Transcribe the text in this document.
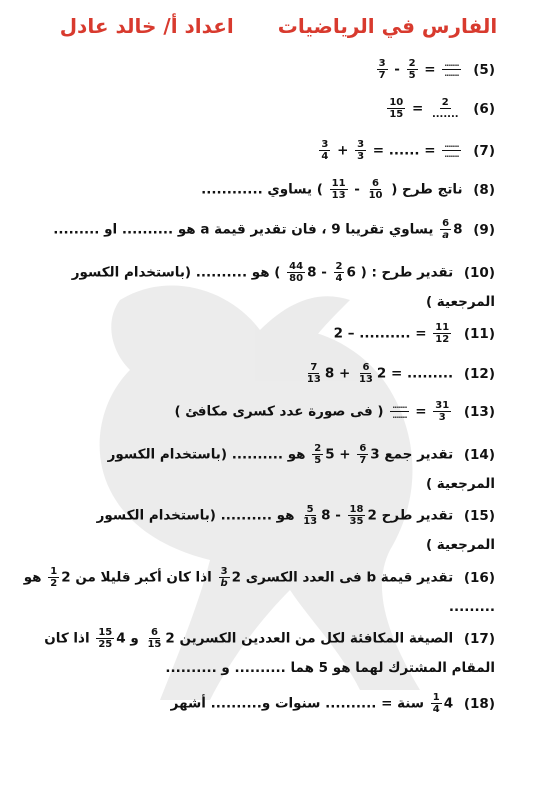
الفارس في الرياضياتاعداد أ/ خالد عادل
(5)
$\frac{.......}{.......}$
=
$\frac{2}{5}$
-
$\frac{3}{7}$
(6)
$\frac{2}{.......}$
=
$\frac{10}{15}$
(7)
$\frac{.......}{.......}$
= ...... =
$\frac{3}{3}$
+
$\frac{3}{4}$
(8) ناتج طرح (
$\frac{6}{10}$
-
$\frac{11}{13}$
) يساوي ............
(9) 8
$\frac{6}{a}$
يساوي تقريبا 9 ، فان تقدير قيمة a هو .......... او .........
(10) تقدير طرح : ( 6
$\frac{2}{4}$
- 8
$\frac{44}{80}$
) هو .......... (باستخدام الكسور
المرجعية )
(11)
$\frac{11}{12}$
= .......... – 2
(12) ......... = 2
$\frac{6}{13}$
+ 8
$\frac{7}{13}$
(13)
$\frac{31}{3}$
=
$\frac{.......}{.......}$
( فى صورة عدد كسرى مكافئ )
(14) تقدير جمع 3
$\frac{6}{7}$
+ 5
$\frac{2}{5}$
هو .......... (باستخدام الكسور
المرجعية )
(15) تقدير طرح 2
$\frac{18}{35}$
- 8
$\frac{5}{13}$
هو .......... (باستخدام الكسور
المرجعية )
(16) تقدير قيمة b فى العدد الكسرى 2
$\frac{3}{b}$
اذا كان أكبر قليلا من 2
$\frac{1}{2}$
هو
.........
(17) الصيغة المكافئة لكل من العددين الكسرين 2
$\frac{6}{15}$
و 4
$\frac{15}{25}$
اذا كان
المقام المشترك لهما هو 5 هما .......... و ..........
(18) 4
$\frac{1}{4}$
سنة = .......... سنوات و.......... أشهر
